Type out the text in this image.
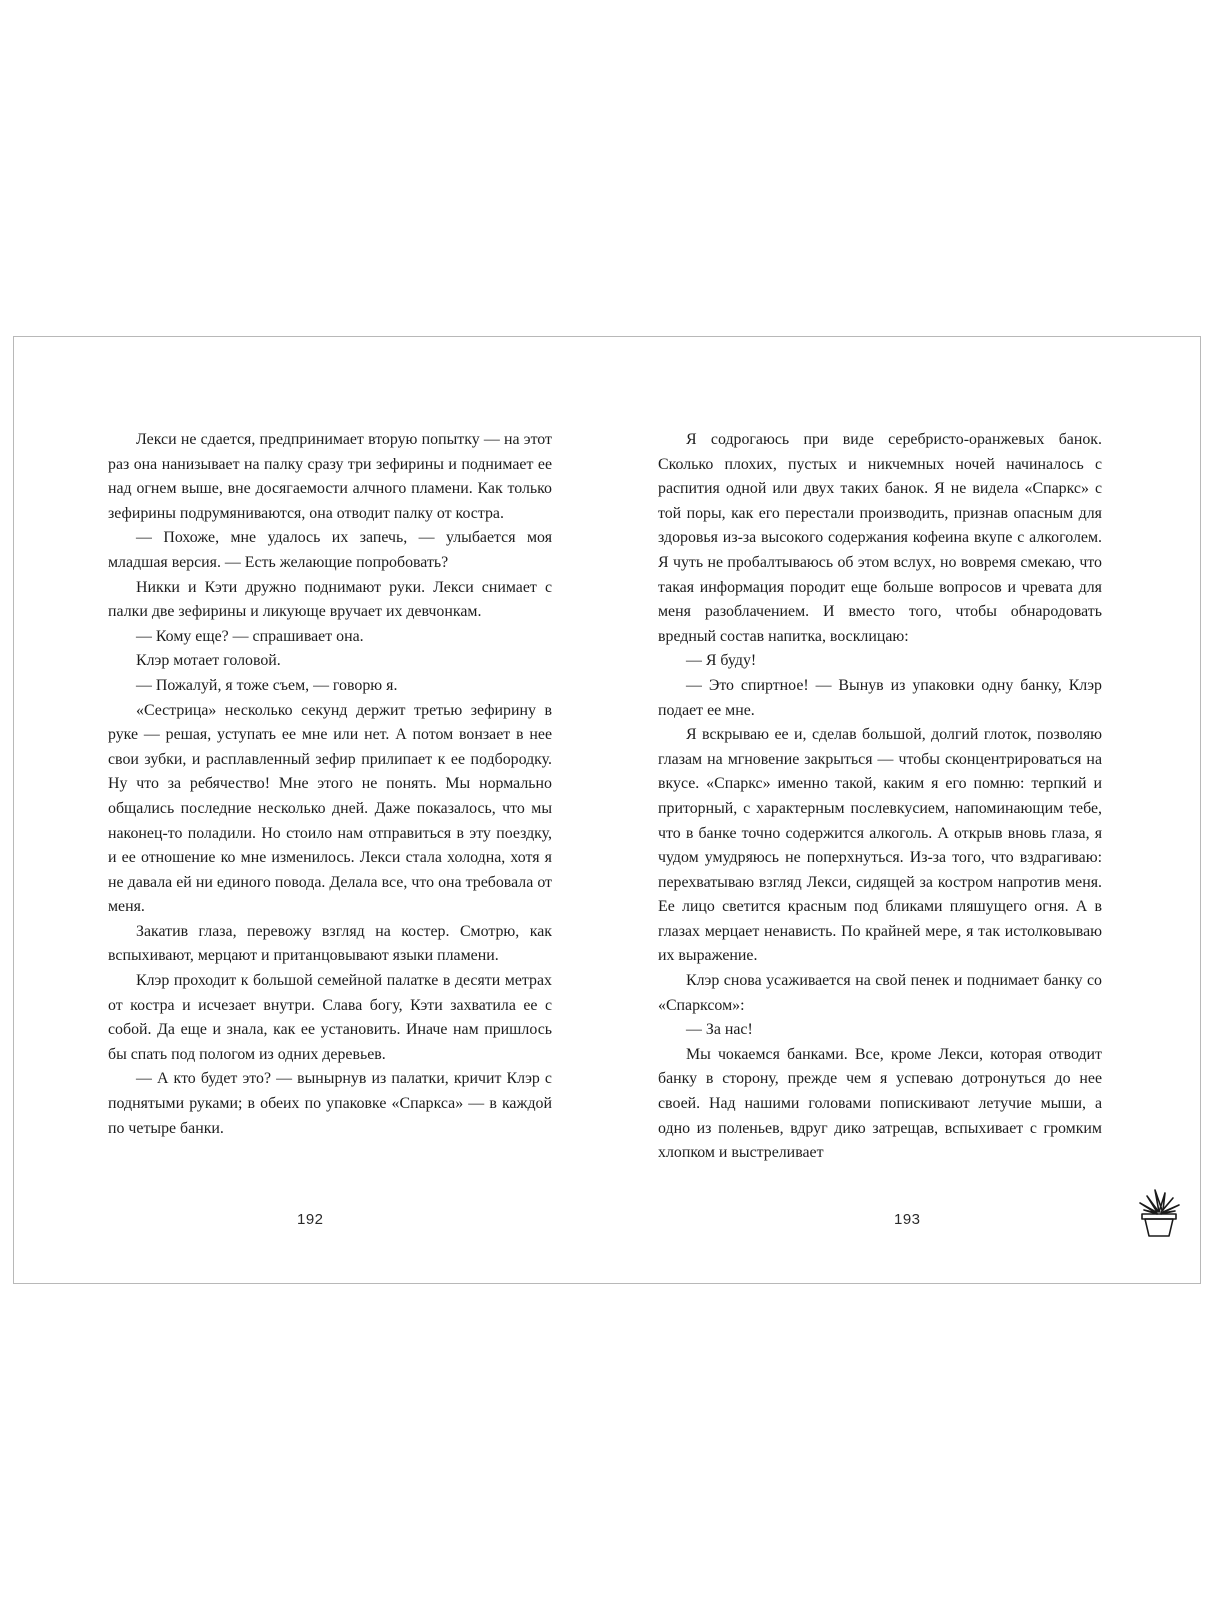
Лекси не сдается, предпринимает вторую попытку — на этот раз она нанизывает на палку сразу три зефирины и поднимает ее над огнем выше, вне досягаемости алчного пламени. Как только зефирины подрумяниваются, она отводит палку от костра.

— Похоже, мне удалось их запечь, — улыбается моя младшая версия. — Есть желающие попробовать?

Никки и Кэти дружно поднимают руки. Лекси снимает с палки две зефирины и ликующе вручает их девчонкам.

— Кому еще? — спрашивает она.

Клэр мотает головой.

— Пожалуй, я тоже съем, — говорю я.

«Сестрица» несколько секунд держит третью зефирину в руке — решая, уступать ее мне или нет. А потом вонзает в нее свои зубки, и расплавленный зефир прилипает к ее подбородку. Ну что за ребячество! Мне этого не понять. Мы нормально общались последние несколько дней. Даже показалось, что мы наконец-то поладили. Но стоило нам отправиться в эту поездку, и ее отношение ко мне изменилось. Лекси стала холодна, хотя я не давала ей ни единого повода. Делала все, что она требовала от меня.

Закатив глаза, перевожу взгляд на костер. Смотрю, как вспыхивают, мерцают и пританцовывают языки пламени.

Клэр проходит к большой семейной палатке в десяти метрах от костра и исчезает внутри. Слава богу, Кэти захватила ее с собой. Да еще и знала, как ее установить. Иначе нам пришлось бы спать под пологом из одних деревьев.

— А кто будет это? — вынырнув из палатки, кричит Клэр с поднятыми руками; в обеих по упаковке «Спаркса» — в каждой по четыре банки.

192

Я содрогаюсь при виде серебристо-оранжевых банок. Сколько плохих, пустых и никчемных ночей начиналось с распития одной или двух таких банок. Я не видела «Спаркс» с той поры, как его перестали производить, признав опасным для здоровья из-за высокого содержания кофеина вкупе с алкоголем. Я чуть не пробалтываюсь об этом вслух, но вовремя смекаю, что такая информация породит еще больше вопросов и чревата для меня разоблачением. И вместо того, чтобы обнародовать вредный состав напитка, восклицаю:

— Я буду!

— Это спиртное! — Вынув из упаковки одну банку, Клэр подает ее мне.

Я вскрываю ее и, сделав большой, долгий глоток, позволяю глазам на мгновение закрыться — чтобы сконцентрироваться на вкусе. «Спаркс» именно такой, каким я его помню: терпкий и приторный, с характерным послевкусием, напоминающим тебе, что в банке точно содержится алкоголь. А открыв вновь глаза, я чудом умудряюсь не поперхнуться. Из-за того, что вздрагиваю: перехватываю взгляд Лекси, сидящей за костром напротив меня. Ее лицо светится красным под бликами пляшущего огня. А в глазах мерцает ненависть. По крайней мере, я так истолковываю их выражение.

Клэр снова усаживается на свой пенек и поднимает банку со «Спарксом»:

— За нас!

Мы чокаемся банками. Все, кроме Лекси, которая отводит банку в сторону, прежде чем я успеваю дотронуться до нее своей. Над нашими головами попискивают летучие мыши, а одно из поленьев, вдруг дико затрещав, вспыхивает с громким хлопком и выстреливает

193
